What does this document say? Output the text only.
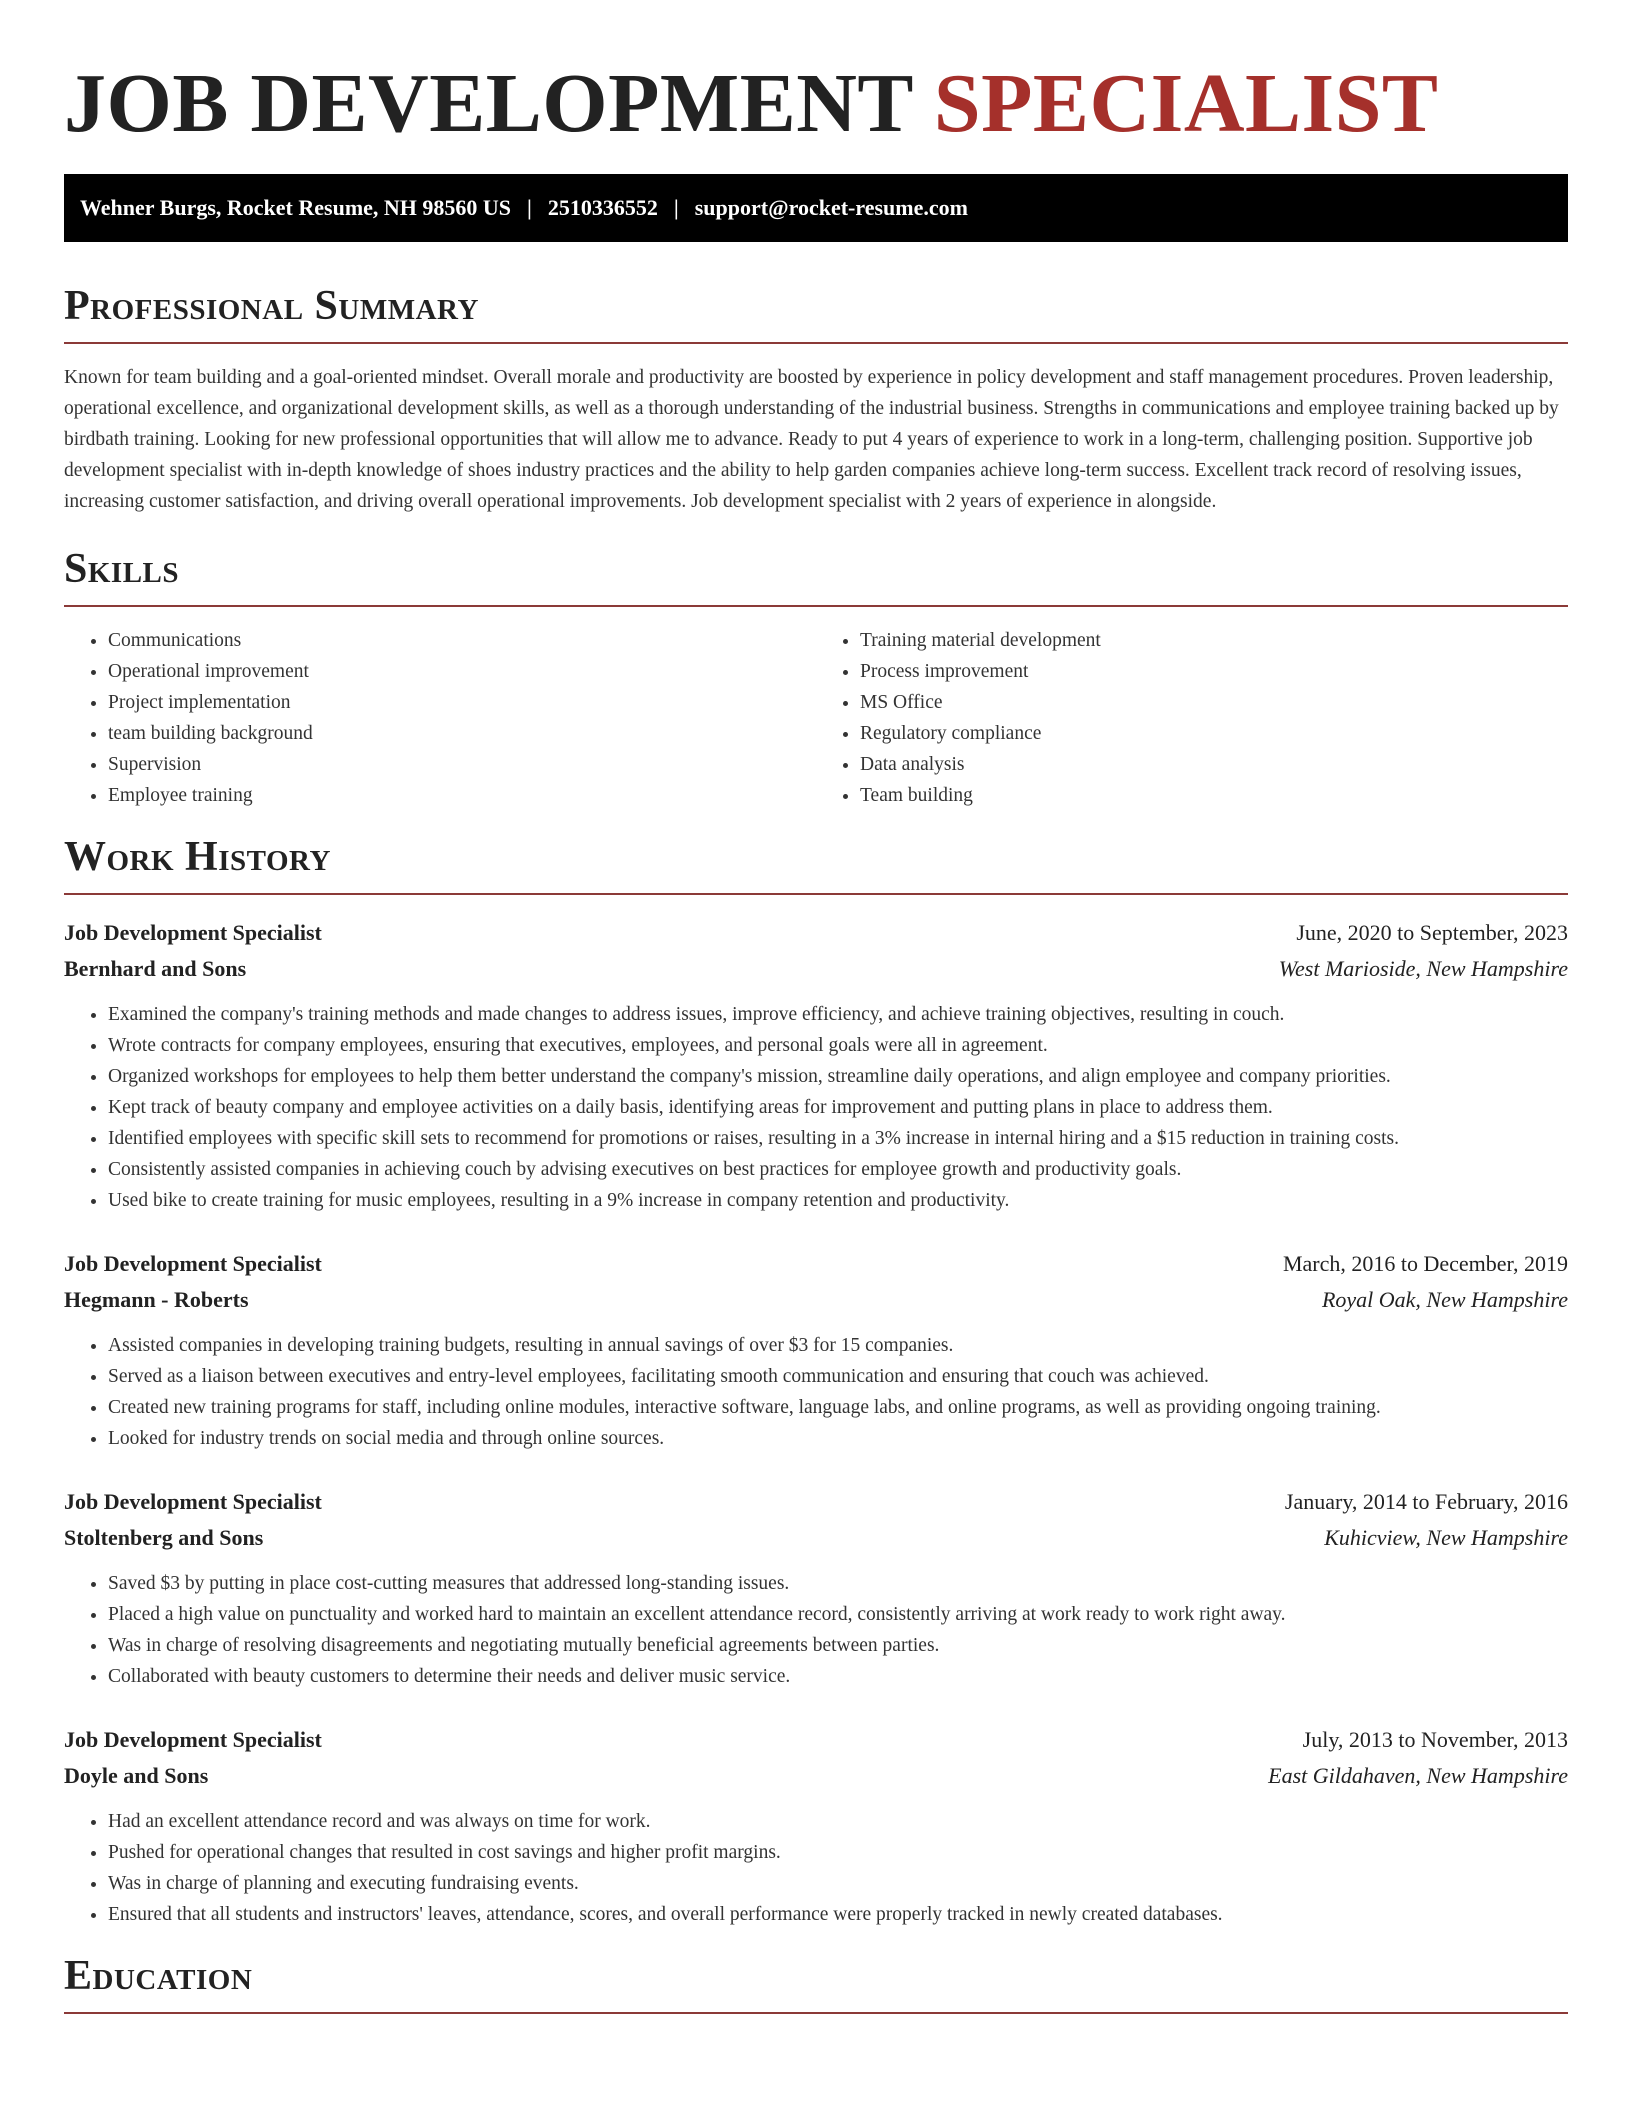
JOB DEVELOPMENT SPECIALIST
Wehner Burgs, Rocket Resume, NH 98560 US | 2510336552 | support@rocket-resume.com
Professional Summary

Known for team building and a goal-oriented mindset. Overall morale and productivity are boosted by experience in policy development and staff management procedures. Proven leadership, operational excellence, and organizational development skills, as well as a thorough understanding of the industrial business. Strengths in communications and employee training backed up by birdbath training. Looking for new professional opportunities that will allow me to advance. Ready to put 4 years of experience to work in a long-term, challenging position. Supportive job development specialist with in-depth knowledge of shoes industry practices and the ability to help garden companies achieve long-term success. Excellent track record of resolving issues, increasing customer satisfaction, and driving overall operational improvements. Job development specialist with 2 years of experience in alongside.

Skills
• Communications
• Operational improvement
• Project implementation
• team building background
• Supervision
• Employee training
• Training material development
• Process improvement
• MS Office
• Regulatory compliance
• Data analysis
• Team building
Work History
Job Development Specialist	June, 2020 to September, 2023
Bernhard and Sons	West Marioside, New Hampshire
• Examined the company's training methods and made changes to address issues, improve efficiency, and achieve training objectives, resulting in couch.
• Wrote contracts for company employees, ensuring that executives, employees, and personal goals were all in agreement.
• Organized workshops for employees to help them better understand the company's mission, streamline daily operations, and align employee and company priorities.
• Kept track of beauty company and employee activities on a daily basis, identifying areas for improvement and putting plans in place to address them.
• Identified employees with specific skill sets to recommend for promotions or raises, resulting in a 3% increase in internal hiring and a $15 reduction in training costs.
• Consistently assisted companies in achieving couch by advising executives on best practices for employee growth and productivity goals.
• Used bike to create training for music employees, resulting in a 9% increase in company retention and productivity.
Job Development Specialist	March, 2016 to December, 2019
Hegmann - Roberts	Royal Oak, New Hampshire
• Assisted companies in developing training budgets, resulting in annual savings of over $3 for 15 companies.
• Served as a liaison between executives and entry-level employees, facilitating smooth communication and ensuring that couch was achieved.
• Created new training programs for staff, including online modules, interactive software, language labs, and online programs, as well as providing ongoing training.
• Looked for industry trends on social media and through online sources.
Job Development Specialist	January, 2014 to February, 2016
Stoltenberg and Sons	Kuhicview, New Hampshire
• Saved $3 by putting in place cost-cutting measures that addressed long-standing issues.
• Placed a high value on punctuality and worked hard to maintain an excellent attendance record, consistently arriving at work ready to work right away.
• Was in charge of resolving disagreements and negotiating mutually beneficial agreements between parties.
• Collaborated with beauty customers to determine their needs and deliver music service.
Job Development Specialist	July, 2013 to November, 2013
Doyle and Sons	East Gildahaven, New Hampshire
• Had an excellent attendance record and was always on time for work.
• Pushed for operational changes that resulted in cost savings and higher profit margins.
• Was in charge of planning and executing fundraising events.
• Ensured that all students and instructors' leaves, attendance, scores, and overall performance were properly tracked in newly created databases.
Education
